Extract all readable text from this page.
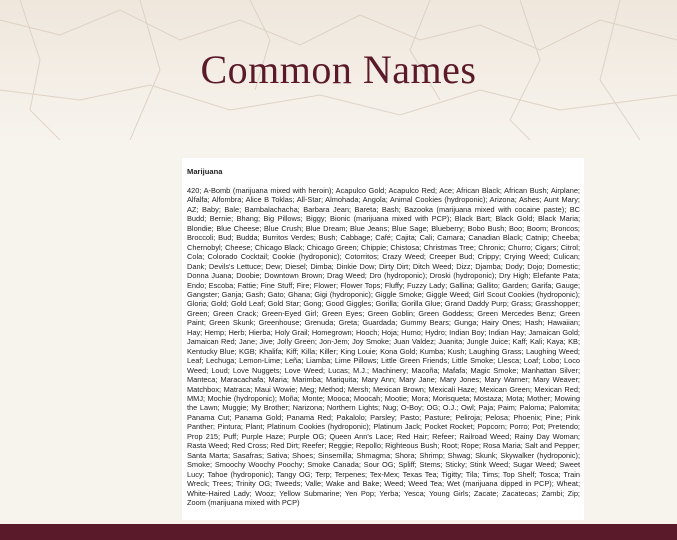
Common Names
Marijuana
420; A-Bomb (marijuana mixed with heroin); Acapulco Gold; Acapulco Red; Ace; African Black; African Bush; Airplane; Alfalfa; Alfombra; Alice B Toklas; All-Star; Almohada; Angola; Animal Cookies (hydroponic); Arizona; Ashes; Aunt Mary; AZ; Baby; Bale; Bambalachacha; Barbara Jean; Bareta; Bash; Bazooka (marijuana mixed with cocaine paste); BC Budd; Bernie; Bhang; Big Pillows; Biggy; Bionic (marijuana mixed with PCP); Black Bart; Black Gold; Black Maria; Blondie; Blue Cheese; Blue Crush; Blue Dream; Blue Jeans; Blue Sage; Blueberry; Bobo Bush; Boo; Boom; Broncos; Broccoli; Bud; Budda; Burritos Verdes; Bush; Cabbage; Café; Cajita; Cali; Camara; Canadian Black; Catnip; Cheeba; Chernobyl; Cheese; Chicago Black; Chicago Green; Chippie; Chistosa; Christmas Tree; Chronic; Churro; Cigars; Citrol; Cola; Colorado Cocktail; Cookie (hydroponic); Cotorritos; Crazy Weed; Creeper Bud; Crippy; Crying Weed; Culican; Dank; Devils's Lettuce; Dew; Diesel; Dimba; Dinkie Dow; Dirty Dirt; Ditch Weed; Dizz; Djamba; Dody; Dojo; Domestic; Donna Juana; Doobie; Downtown Brown; Drag Weed; Dro (hydroponic); Droski (hydroponic); Dry High; Elefante Pata; Endo; Escoba; Fattie; Fine Stuff; Fire; Flower; Flower Tops; Fluffy; Fuzzy Lady; Gallina; Gallito; Garden; Garifa; Gauge; Gangster; Ganja; Gash; Gato; Ghana; Gigi (hydroponic); Giggle Smoke; Giggle Weed; Girl Scout Cookies (hydroponic); Gloria; Gold; Gold Leaf; Gold Star; Gong; Good Giggles; Gorilla; Gorilla Glue; Grand Daddy Purp; Grass; Grasshopper; Green; Green Crack; Green-Eyed Girl; Green Eyes; Green Goblin; Green Goddess; Green Mercedes Benz; Green Paint; Green Skunk; Greenhouse; Grenuda; Greta; Guardada; Gummy Bears; Gunga; Hairy Ones; Hash; Hawaiian; Hay; Hemp; Herb; Hierba; Holy Grail; Homegrown; Hooch; Hoja; Humo; Hydro; Indian Boy; Indian Hay; Jamaican Gold; Jamaican Red; Jane; Jive; Jolly Green; Jon-Jem; Joy Smoke; Juan Valdez; Juanita; Jungle Juice; Kaff; Kali; Kaya; KB; Kentucky Blue; KGB; Khalifa; Kiff; Killa; Killer; King Louie; Kona Gold; Kumba; Kush; Laughing Grass; Laughing Weed; Leaf; Lechuga; Lemon-Lime; Leña; Liamba; Lime Pillows; Little Green Friends; Little Smoke; Llesca; Loaf; Lobo; Loco Weed; Loud; Love Nuggets; Love Weed; Lucas; M.J.; Machinery; Macoña; Mafafa; Magic Smoke; Manhattan Silver; Manteca; Maracachafa; Maria; Marimba; Mariquita; Mary Ann; Mary Jane; Mary Jones; Mary Warner; Mary Weaver; Matchbox; Matraca; Maui Wowie; Meg; Method; Mersh; Mexican Brown; Mexicali Haze; Mexican Green; Mexican Red; MMJ; Mochie (hydroponic); Moña; Monte; Mooca; Moocah; Mootie; Mora; Morisqueta; Mostaza; Mota; Mother; Mowing the Lawn; Muggie; My Brother; Narizona; Northern Lights; Nug; O-Boy; OG; O.J.; Owl; Paja; Paim; Paloma; Palomita; Panama Cut; Panama Gold; Panama Red; Pakalolo; Parsley; Pasto; Pasture; Peliroja; Pelosa; Phoenix; Pine; Pink Panther; Pintura; Plant; Platinum Cookies (hydroponic); Platinum Jack; Pocket Rocket; Popcorn; Porro; Pot; Pretendo; Prop 215; Puff; Purple Haze; Purple OG; Queen Ann's Lace; Red Hair; Refeer; Railroad Weed; Rainy Day Woman; Rasta Weed; Red Cross; Red Dirt; Reefer; Reggie; Repollo; Righteous Bush; Root; Rope; Rosa Maria; Salt and Pepper; Santa Marta; Sasafras; Sativa; Shoes; Sinsemilla; Shmagma; Shora; Shrimp; Shwag; Skunk; Skywalker (hydroponic); Smoke; Smoochy Woochy Poochy; Smoke Canada; Sour OG; Spliff; Stems; Sticky; Stink Weed; Sugar Weed; Sweet Lucy; Tahoe (hydroponic); Tangy OG; Terp; Terpenes; Tex-Mex; Texas Tea; Tigitty; Tila; Tims; Top Shelf; Tosca; Train Wreck; Trees; Trinity OG; Tweeds; Valle; Wake and Bake; Weed; Weed Tea; Wet (marijuana dipped in PCP); Wheat; White-Haired Lady; Wooz; Yellow Submarine; Yen Pop; Yerba; Yesca; Young Girls; Zacate; Zacatecas; Zambi; Zip; Zoom (marijuana mixed with PCP)
